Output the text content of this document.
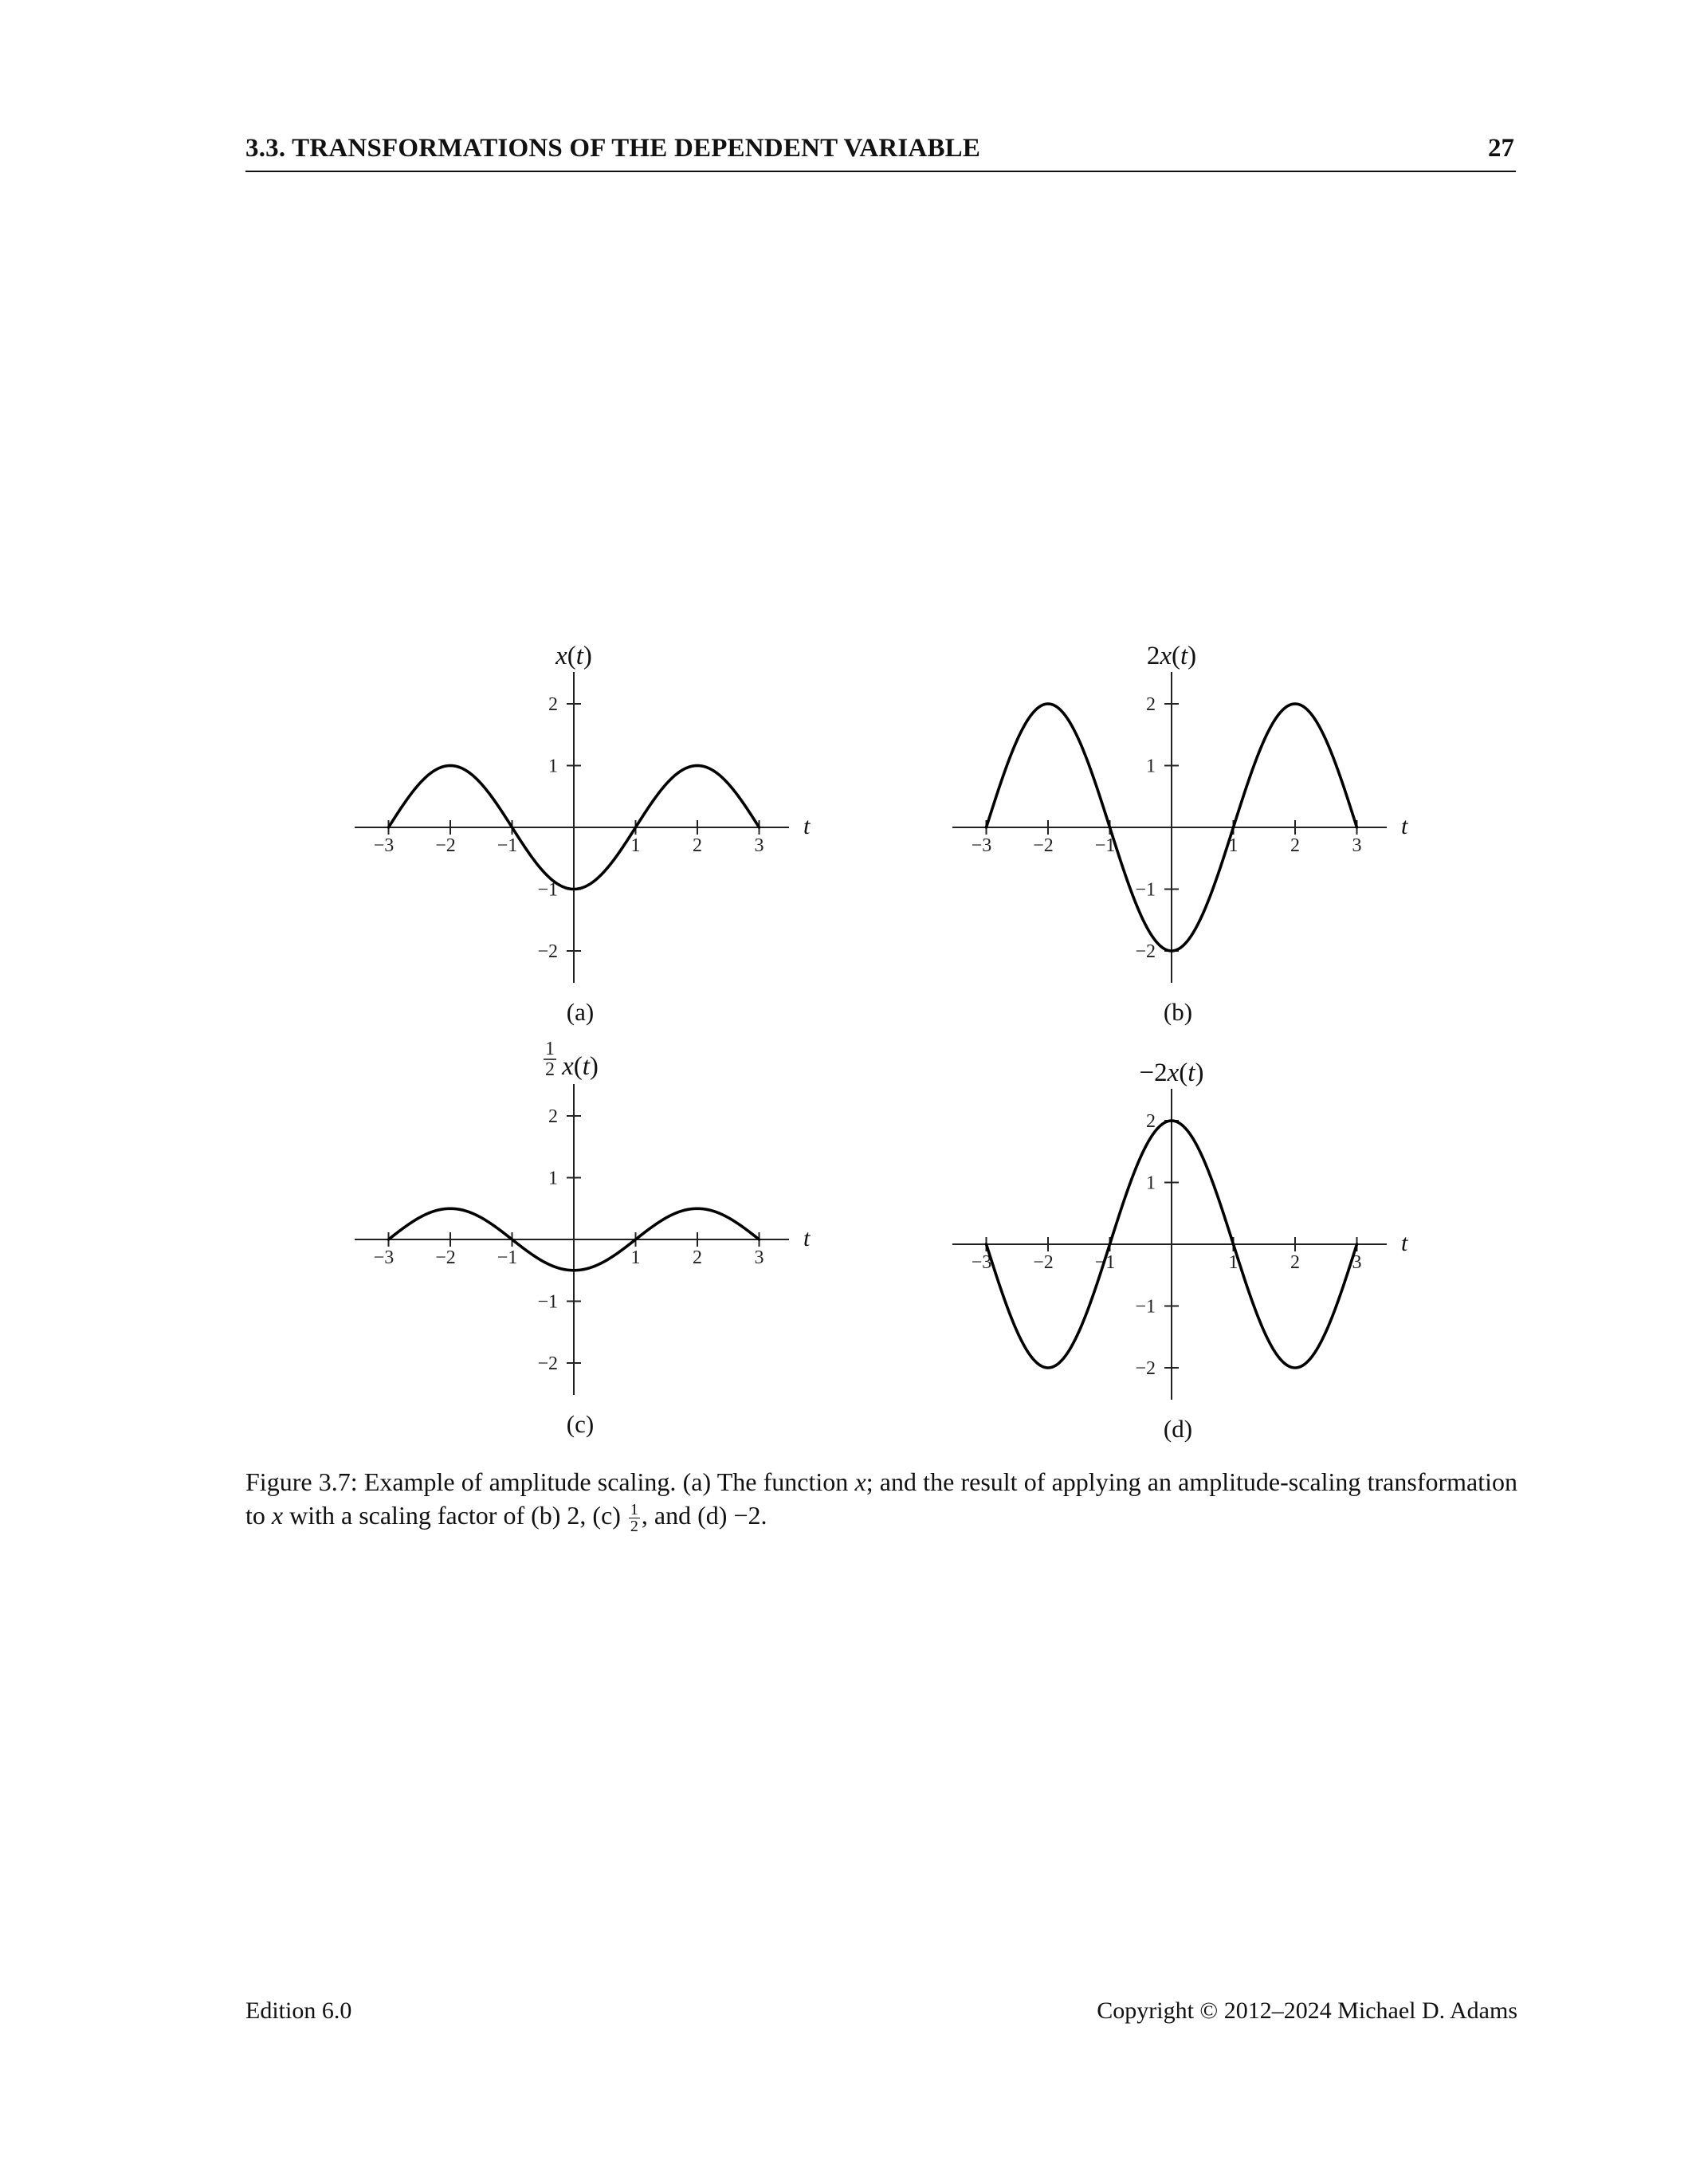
3.3. TRANSFORMATIONS OF THE DEPENDENT VARIABLE	27
−3 −2 −1	1	2	3
2
1
−1
−2
t
x(t)
(a)
−3 −2 −1	1	2	3
2
1
−1
−2
t
2x(t)
(b)
−3 −2 −1	1	2	3
2
1
−1
−2
t
x(t)
1
2
(c)
−3 −2 −1	1	2	3
2
1
−1
−2
t
−2x(t)
(d)
Figure 3.7: Example of amplitude scaling. (a) The function x; and the result of applying an amplitude-scaling transformation to x with a scaling factor of (b) 2, $(c) \frac{1}{2}$ , and (d) −2.
Edition 6.0	Copyright © 2012–2024 Michael D. Adams
